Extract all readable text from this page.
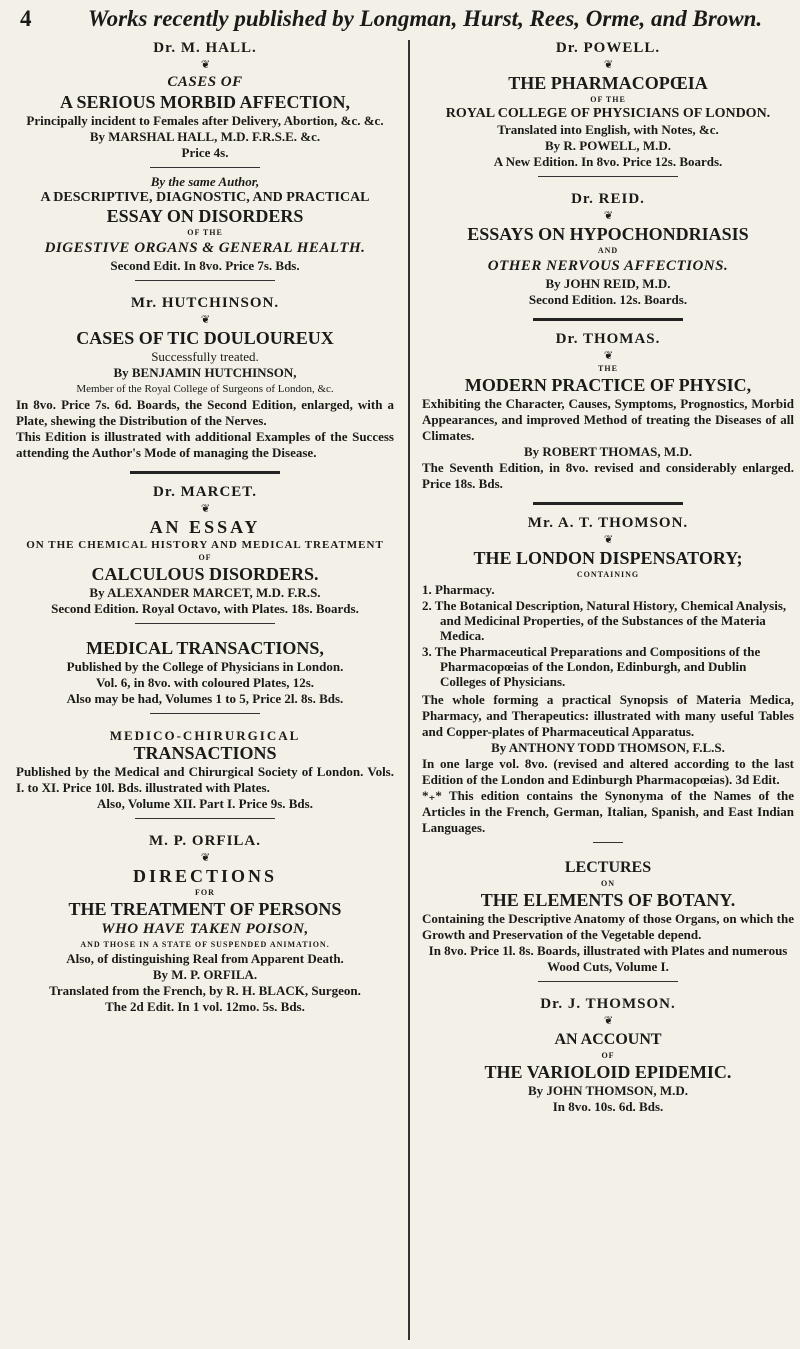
4	Works recently published by Longman, Hurst, Rees, Orme, and Brown.

Dr. M. HALL.

❦

CASES OF

A SERIOUS MORBID AFFECTION,

Principally incident to Females after Delivery, Abortion, &c. &c.

By MARSHAL HALL, M.D. F.R.S.E. &c.

Price 4s.

By the same Author,

A DESCRIPTIVE, DIAGNOSTIC, AND PRACTICAL

ESSAY ON DISORDERS

OF THE

DIGESTIVE ORGANS & GENERAL HEALTH.

Second Edit. In 8vo. Price 7s. Bds.

Mr. HUTCHINSON.

❦

CASES OF TIC DOULOUREUX

Successfully treated.

By BENJAMIN HUTCHINSON,

Member of the Royal College of Surgeons of London, &c.

In 8vo. Price 7s. 6d. Boards, the Second Edition, enlarged, with a Plate, shewing the Distribution of the Nerves.

This Edition is illustrated with additional Examples of the Success attending the Author's Mode of managing the Disease.

Dr. MARCET.

❦

AN ESSAY

ON THE CHEMICAL HISTORY AND MEDICAL TREATMENT

OF

CALCULOUS DISORDERS.

By ALEXANDER MARCET, M.D. F.R.S.

Second Edition. Royal Octavo, with Plates. 18s. Boards.

MEDICAL TRANSACTIONS,

Published by the College of Physicians in London.

Vol. 6, in 8vo. with coloured Plates, 12s.

Also may be had, Volumes 1 to 5, Price 2l. 8s. Bds.

MEDICO-CHIRURGICAL

TRANSACTIONS

Published by the Medical and Chirurgical Society of London. Vols. I. to XI. Price 10l. Bds. illustrated with Plates.

Also, Volume XII. Part I. Price 9s. Bds.

M. P. ORFILA.

❦

DIRECTIONS

FOR

THE TREATMENT OF PERSONS

WHO HAVE TAKEN POISON,

AND THOSE IN A STATE OF SUSPENDED ANIMATION.

Also, of distinguishing Real from Apparent Death.

By M. P. ORFILA.

Translated from the French, by R. H. BLACK, Surgeon.

The 2d Edit. In 1 vol. 12mo. 5s. Bds.

Dr. POWELL.

❦

THE PHARMACOPŒIA

OF THE

ROYAL COLLEGE OF PHYSICIANS OF LONDON.

Translated into English, with Notes, &c.

By R. POWELL, M.D.

A New Edition. In 8vo. Price 12s. Boards.

Dr. REID.

❦

ESSAYS ON HYPOCHONDRIASIS

AND

OTHER NERVOUS AFFECTIONS.

By JOHN REID, M.D.

Second Edition. 12s. Boards.

Dr. THOMAS.

❦

THE

MODERN PRACTICE OF PHYSIC,

Exhibiting the Character, Causes, Symptoms, Prognostics, Morbid Appearances, and improved Method of treating the Diseases of all Climates.

By ROBERT THOMAS, M.D.

The Seventh Edition, in 8vo. revised and considerably enlarged. Price 18s. Bds.

Mr. A. T. THOMSON.

❦

THE LONDON DISPENSATORY;

CONTAINING

1. Pharmacy.
2. The Botanical Description, Natural History, Chemical Analysis, and Medicinal Properties, of the Substances of the Materia Medica.
3. The Pharmaceutical Preparations and Compositions of the Pharmacopœias of the London, Edinburgh, and Dublin Colleges of Physicians.

The whole forming a practical Synopsis of Materia Medica, Pharmacy, and Therapeutics: illustrated with many useful Tables and Copper-plates of Pharmaceutical Apparatus.

By ANTHONY TODD THOMSON, F.L.S.

In one large vol. 8vo. (revised and altered according to the last Edition of the London and Edinburgh Pharmacopœias). 3d Edit.

*₊* This edition contains the Synonyma of the Names of the Articles in the French, German, Italian, Spanish, and East Indian Languages.

LECTURES

ON

THE ELEMENTS OF BOTANY.

Containing the Descriptive Anatomy of those Organs, on which the Growth and Preservation of the Vegetable depend.

In 8vo. Price 1l. 8s. Boards, illustrated with Plates and numerous Wood Cuts, Volume I.

Dr. J. THOMSON.

❦

AN ACCOUNT

OF

THE VARIOLOID EPIDEMIC.

By JOHN THOMSON, M.D.

In 8vo. 10s. 6d. Bds.
